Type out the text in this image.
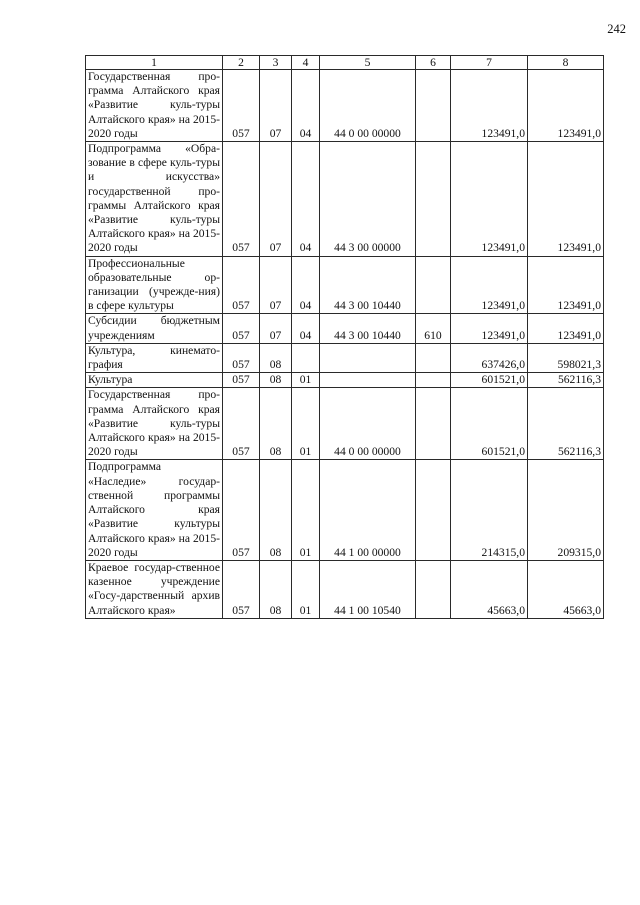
242
1	2	3	4	5	6	7	8
Государственная про-грамма Алтайского края «Развитие куль-туры Алтайского края» на 2015-2020 годы	057	07	04	44 0 00 00000		123491,0	123491,0
Подпрограмма «Обра-зование в сфере куль-туры и искусства» государственной про-граммы Алтайского края «Развитие куль-туры Алтайского края» на 2015-2020 годы	057	07	04	44 3 00 00000		123491,0	123491,0
Профессиональные образовательные ор-ганизации (учрежде-ния) в сфере культуры	057	07	04	44 3 00 10440		123491,0	123491,0
Субсидии бюджетным учреждениям	057	07	04	44 3 00 10440	610	123491,0	123491,0
Культура, кинемато-графия	057	08				637426,0	598021,3
Культура	057	08	01			601521,0	562116,3
Государственная про-грамма Алтайского края «Развитие куль-туры Алтайского края» на 2015-2020 годы	057	08	01	44 0 00 00000		601521,0	562116,3
Подпрограмма «Наследие» государ-ственной программы Алтайского края «Развитие культуры Алтайского края» на 2015-2020 годы	057	08	01	44 1 00 00000		214315,0	209315,0
Краевое государ-ственное казенное учреждение «Госу-дарственный архив Алтайского края»	057	08	01	44 1 00 10540		45663,0	45663,0
